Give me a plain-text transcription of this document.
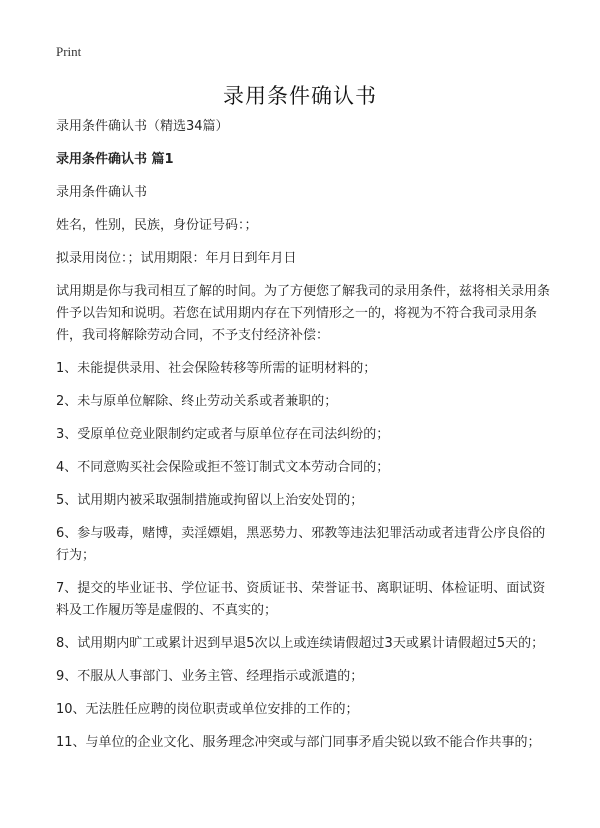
Print
录用条件确认书

录用条件确认书（精选34篇）

录用条件确认书 篇1

录用条件确认书

姓名，性别，民族，身份证号码：；

拟录用岗位：；试用期限：年月日到年月日

试用期是你与我司相互了解的时间。为了方便您了解我司的录用条件，兹将相关录用条件予以告知和说明。若您在试用期内存在下列情形之一的，将视为不符合我司录用条件，我司将解除劳动合同，不予支付经济补偿：

1、未能提供录用、社会保险转移等所需的证明材料的；

2、未与原单位解除、终止劳动关系或者兼职的；

3、受原单位竞业限制约定或者与原单位存在司法纠纷的；

4、不同意购买社会保险或拒不签订制式文本劳动合同的；

5、试用期内被采取强制措施或拘留以上治安处罚的；

6、参与吸毒，赌博，卖淫嫖娼，黑恶势力、邪教等违法犯罪活动或者违背公序良俗的行为；

7、提交的毕业证书、学位证书、资质证书、荣誉证书、离职证明、体检证明、面试资料及工作履历等是虚假的、不真实的；

8、试用期内旷工或累计迟到早退5次以上或连续请假超过3天或累计请假超过5天的；

9、不服从人事部门、业务主管、经理指示或派遣的；

10、无法胜任应聘的岗位职责或单位安排的工作的；

11、与单位的企业文化、服务理念冲突或与部门同事矛盾尖锐以致不能合作共事的；
